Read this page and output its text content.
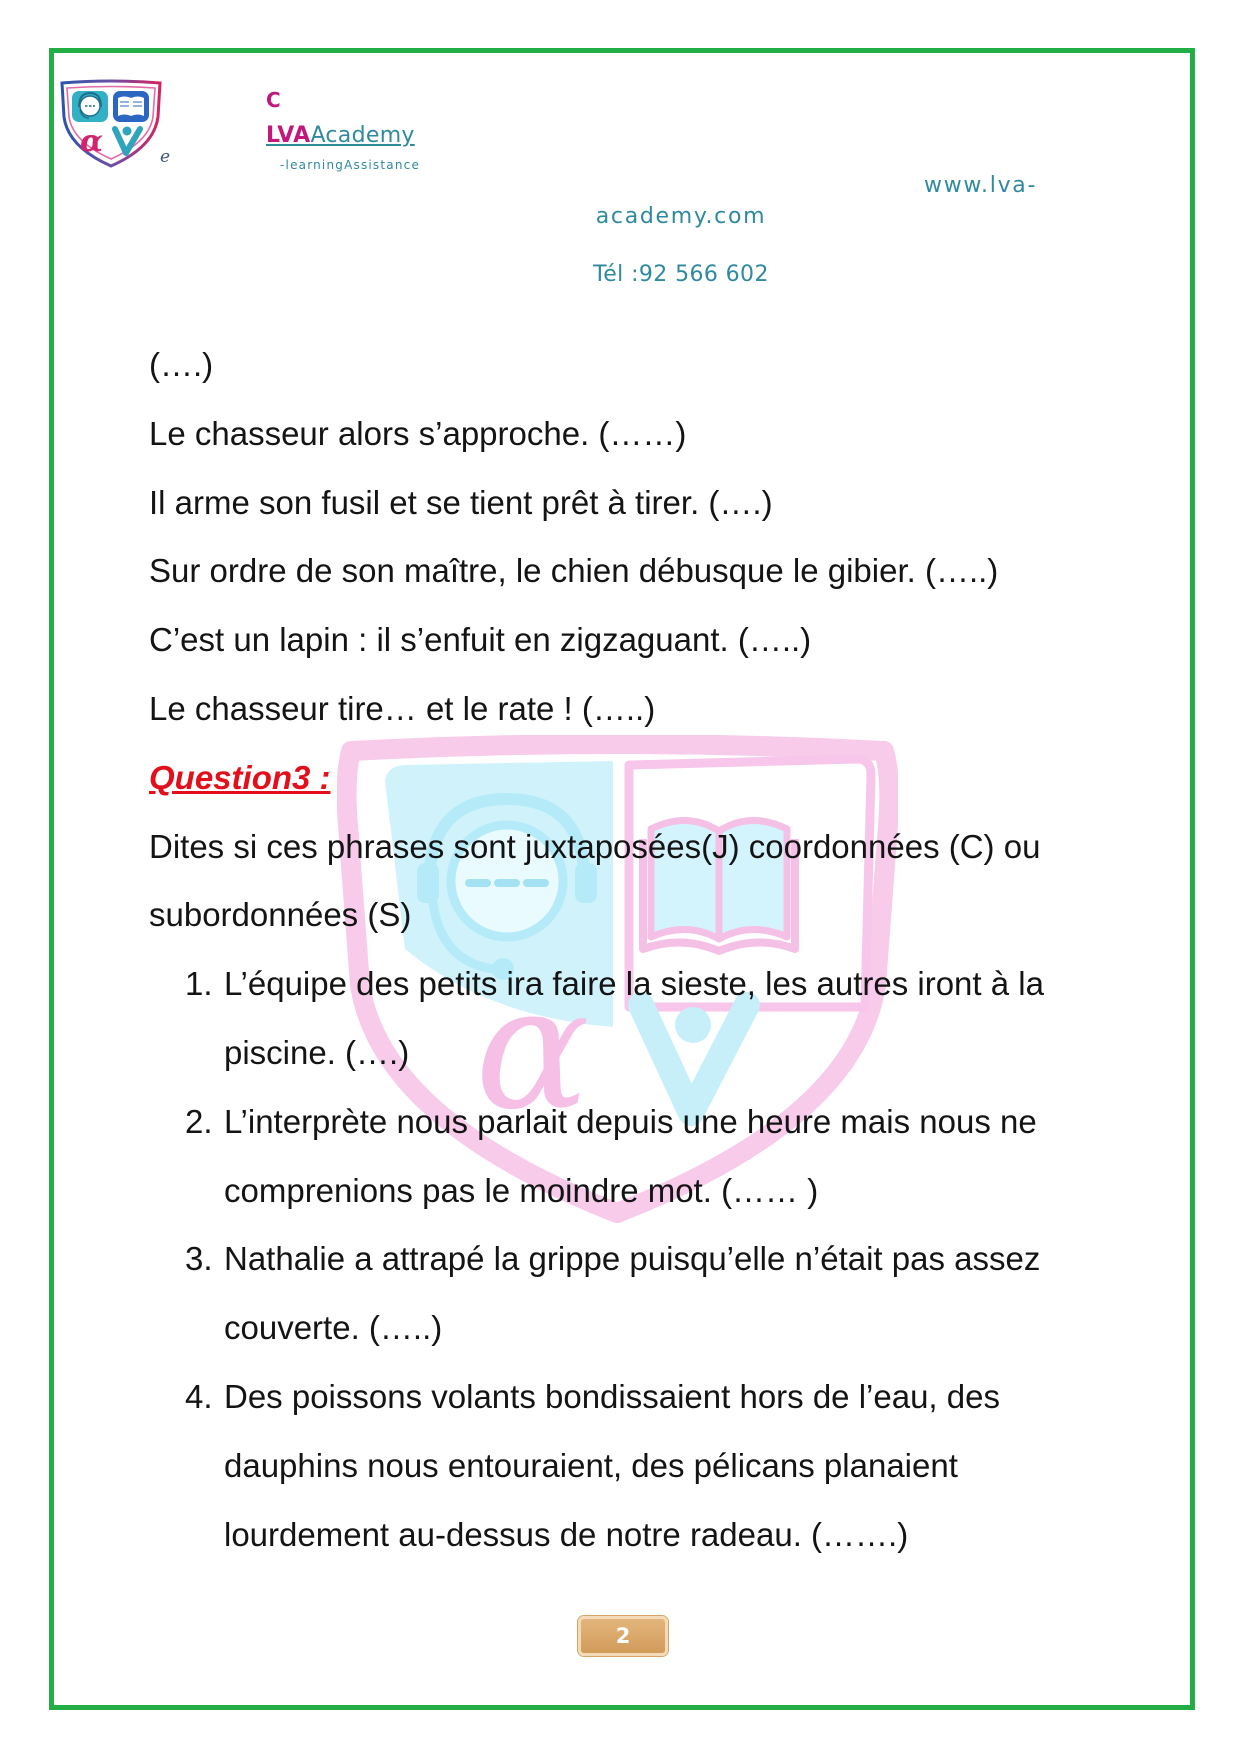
α	e
C
LVAAcademy
-learningAssistance
www.lva-
academy.com
Tél :92 566 602
α
(….)
Le chasseur alors s’approche. (……)
Il arme son fusil et se tient prêt à tirer. (….)
Sur ordre de son maître, le chien débusque le gibier. (…..)
C’est un lapin : il s’enfuit en zigzaguant. (…..)
Le chasseur tire… et le rate ! (…..)
Question3 :
Dites si ces phrases sont juxtaposées(J) coordonnées (C) ou
subordonnées (S)
1. L’équipe des petits ira faire la sieste, les autres iront à la
piscine. (….)
2. L’interprète nous parlait depuis une heure mais nous ne
comprenions pas le moindre mot. (…… )
3. Nathalie a attrapé la grippe puisqu’elle n’était pas assez
couverte. (…..)
4. Des poissons volants bondissaient hors de l’eau, des
dauphins nous entouraient, des pélicans planaient
lourdement au-dessus de notre radeau. (…….)
2
